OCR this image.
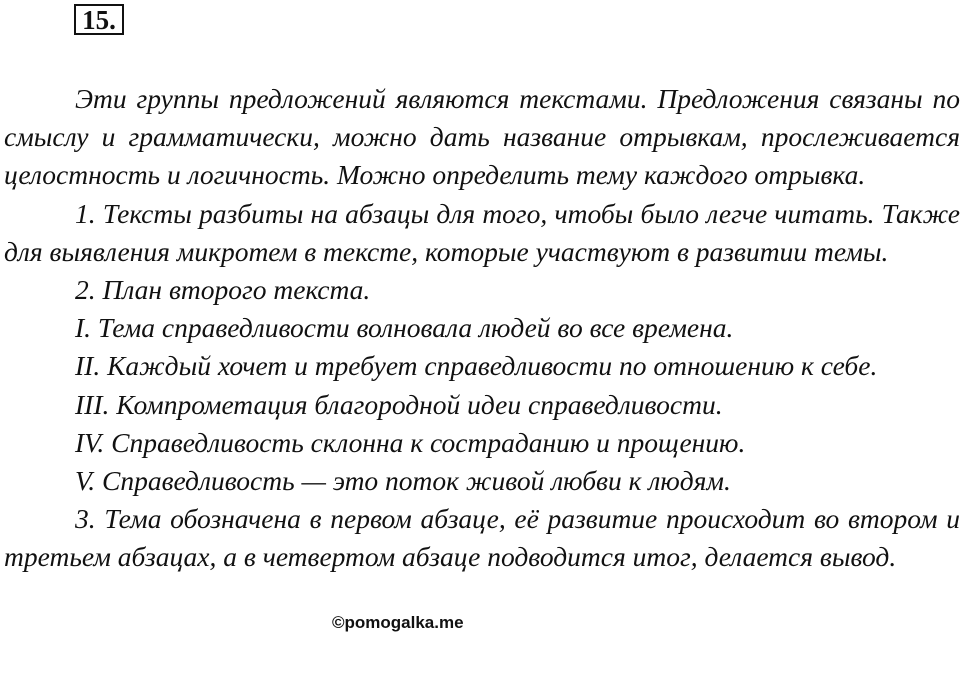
15.

Эти группы предложений являются текстами. Предложения связаны по смыслу и грамматически, можно дать название отрывкам, прослеживается целостность и логичность. Можно определить тему каждого отрывка.

1. Тексты разбиты на абзацы для того, чтобы было легче читать. Также для выявления микротем в тексте, которые участвуют в развитии темы.

2. План второго текста.

I. Тема справедливости волновала людей во все времена.

II. Каждый хочет и требует справедливости по отношению к себе.

III. Компрометация благородной идеи справедливости.

IV. Справедливость склонна к состраданию и прощению.

V. Справедливость — это поток живой любви к людям.

3. Тема обозначена в первом абзаце, её развитие происходит во втором и третьем абзацах, а в четвертом абзаце подводится итог, делается вывод.

©pomogalka.me
